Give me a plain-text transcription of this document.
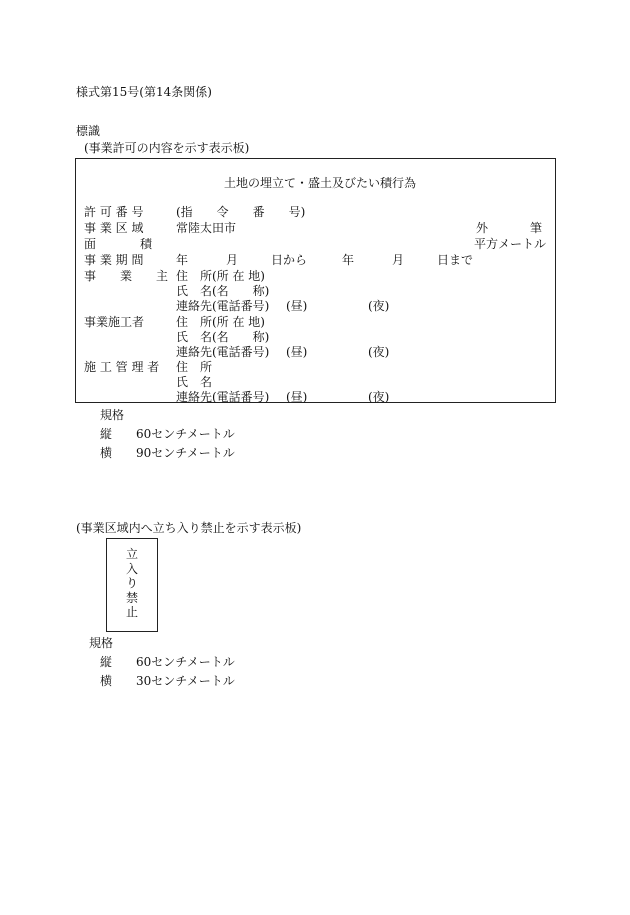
様式第15号(第14条関係)
標識
(事業許可の内容を示す表示板)
土地の埋立て・盛土及びたい積行為
許 可 番 号	(指　　令　　番　　号)
事 業 区 域	常陸太田市	外	筆
面	積	平方メートル
事 業 期 間	年	月	日から	年	月	日まで
事　　業　　主 住　所(所 在 地)
氏　名(名　　称)
連絡先(電話番号) (昼)	(夜)
事業施工者	住　所(所 在 地)
氏　名(名　　称)
連絡先(電話番号) (昼)	(夜)
施 工 管 理 者 住　所
氏　名
連絡先(電話番号) (昼)	(夜)
規格
縦 60センチメートル
横 90センチメートル
(事業区域内へ立ち入り禁止を示す表示板)
立
入
り
禁
止
規格
縦 60センチメートル
横 30センチメートル
